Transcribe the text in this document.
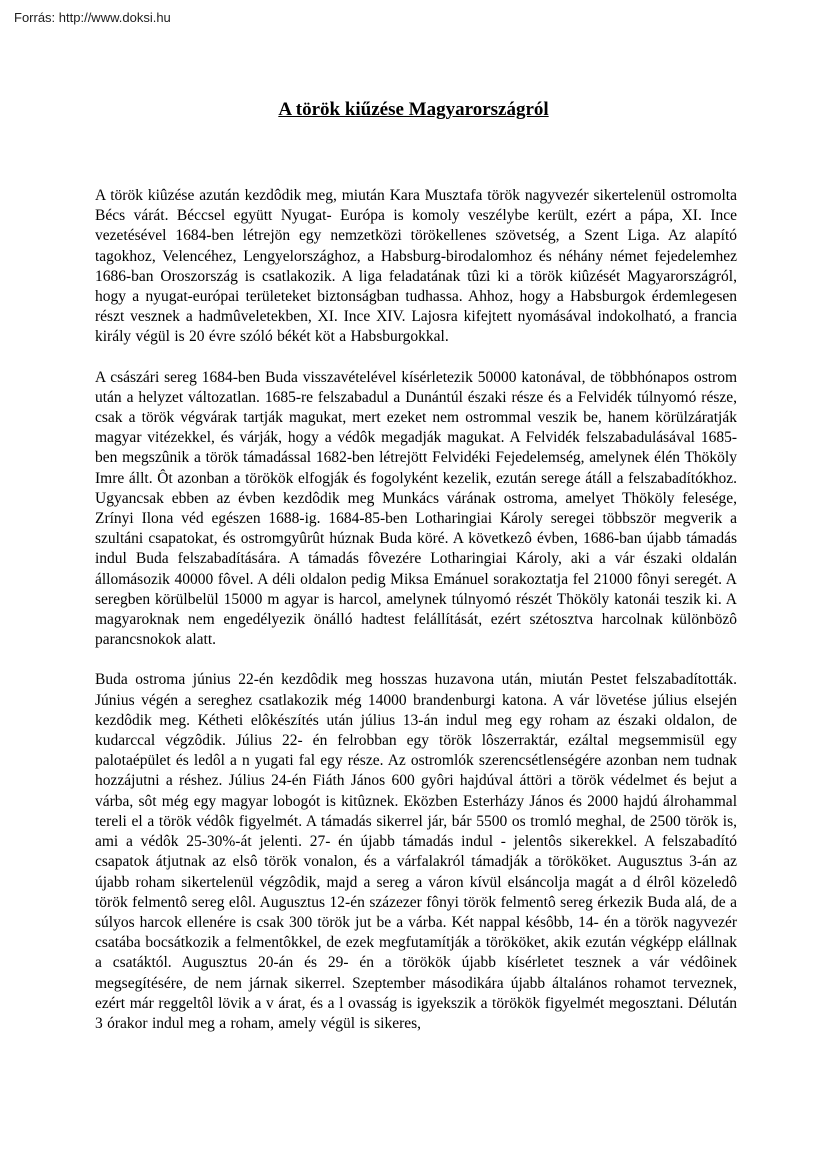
Forrás: http://www.doksi.hu
A török kiűzése Magyarországról

A török kiûzése azután kezdôdik meg, miután Kara Musztafa török nagyvezér sikertelenül ostromolta Bécs várát. Béccsel együtt Nyugat- Európa is komoly veszélybe került, ezért a pápa, XI. Ince vezetésével 1684-ben létrejön egy nemzetközi törökellenes szövetség, a Szent Liga. Az alapító tagokhoz, Velencéhez, Lengyelországhoz, a Habsburg-birodalomhoz és néhány német fejedelemhez 1686-ban Oroszország is csatlakozik. A liga feladatának tûzi ki a török kiûzését Magyarországról, hogy a nyugat-európai területeket biztonságban tudhassa. Ahhoz, hogy a Habsburgok érdemlegesen részt vesznek a hadmûveletekben, XI. Ince XIV. Lajosra kifejtett nyomásával indokolható, a francia király végül is 20 évre szóló békét köt a Habsburgokkal.

A császári sereg 1684-ben Buda visszavételével kísérletezik 50000 katonával, de többhónapos ostrom után a helyzet változatlan. 1685-re felszabadul a Dunántúl északi része és a Felvidék túlnyomó része, csak a török végvárak tartják magukat, mert ezeket nem ostrommal veszik be, hanem körülzáratják magyar vitézekkel, és várják, hogy a védôk megadják magukat. A Felvidék felszabadulásával 1685-ben megszûnik a török támadással 1682-ben létrejött Felvidéki Fejedelemség, amelynek élén Thököly Imre állt. Ôt azonban a törökök elfogják és fogolyként kezelik, ezután serege átáll a felszabadítókhoz. Ugyancsak ebben az évben kezdôdik meg Munkács várának ostroma, amelyet Thököly felesége, Zrínyi Ilona véd egészen 1688-ig. 1684-85-ben Lotharingiai Károly seregei többször megverik a szultáni csapatokat, és ostromgyûrût húznak Buda köré. A következô évben, 1686-ban újabb támadás indul Buda felszabadítására. A támadás fôvezére Lotharingiai Károly, aki a vár északi oldalán állomásozik 40000 fôvel. A déli oldalon pedig Miksa Emánuel sorakoztatja fel 21000 fônyi seregét. A seregben körülbelül 15000 m agyar is harcol, amelynek túlnyomó részét Thököly katonái teszik ki. A magyaroknak nem engedélyezik önálló hadtest felállítását, ezért szétosztva harcolnak különbözô parancsnokok alatt.

Buda ostroma június 22-én kezdôdik meg hosszas huzavona után, miután Pestet felszabadították. Június végén a sereghez csatlakozik még 14000 brandenburgi katona. A vár lövetése július elsején kezdôdik meg. Kétheti elôkészítés után július 13-án indul meg egy roham az északi oldalon, de kudarccal végzôdik. Július 22- én felrobban egy török lôszerraktár, ezáltal megsemmisül egy palotaépület és ledôl a n yugati fal egy része. Az ostromlók szerencsétlenségére azonban nem tudnak hozzájutni a réshez. Július 24-én Fiáth János 600 gyôri hajdúval áttöri a török védelmet és bejut a várba, sôt még egy magyar lobogót is kitûznek. Eközben Esterházy János és 2000 hajdú álrohammal tereli el a török védôk figyelmét. A támadás sikerrel jár, bár 5500 os tromló meghal, de 2500 török is, ami a védôk 25-30%-át jelenti. 27- én újabb támadás indul - jelentôs sikerekkel. A felszabadító csapatok átjutnak az elsô török vonalon, és a várfalakról támadják a törököket. Augusztus 3-án az újabb roham sikertelenül végzôdik, majd a sereg a váron kívül elsáncolja magát a d élrôl közeledô török felmentô sereg elôl. Augusztus 12-én százezer fônyi török felmentô sereg érkezik Buda alá, de a súlyos harcok ellenére is csak 300 török jut be a várba. Két nappal késôbb, 14- én a török nagyvezér csatába bocsátkozik a felmentôkkel, de ezek megfutamítják a törököket, akik ezután végképp elállnak a csatáktól. Augusztus 20-án és 29- én a törökök újabb kísérletet tesznek a vár védôinek megsegítésére, de nem járnak sikerrel. Szeptember másodikára újabb általános rohamot terveznek, ezért már reggeltôl lövik a v árat, és a l ovasság is igyekszik a törökök figyelmét megosztani. Délután 3 órakor indul meg a roham, amely végül is sikeres,
